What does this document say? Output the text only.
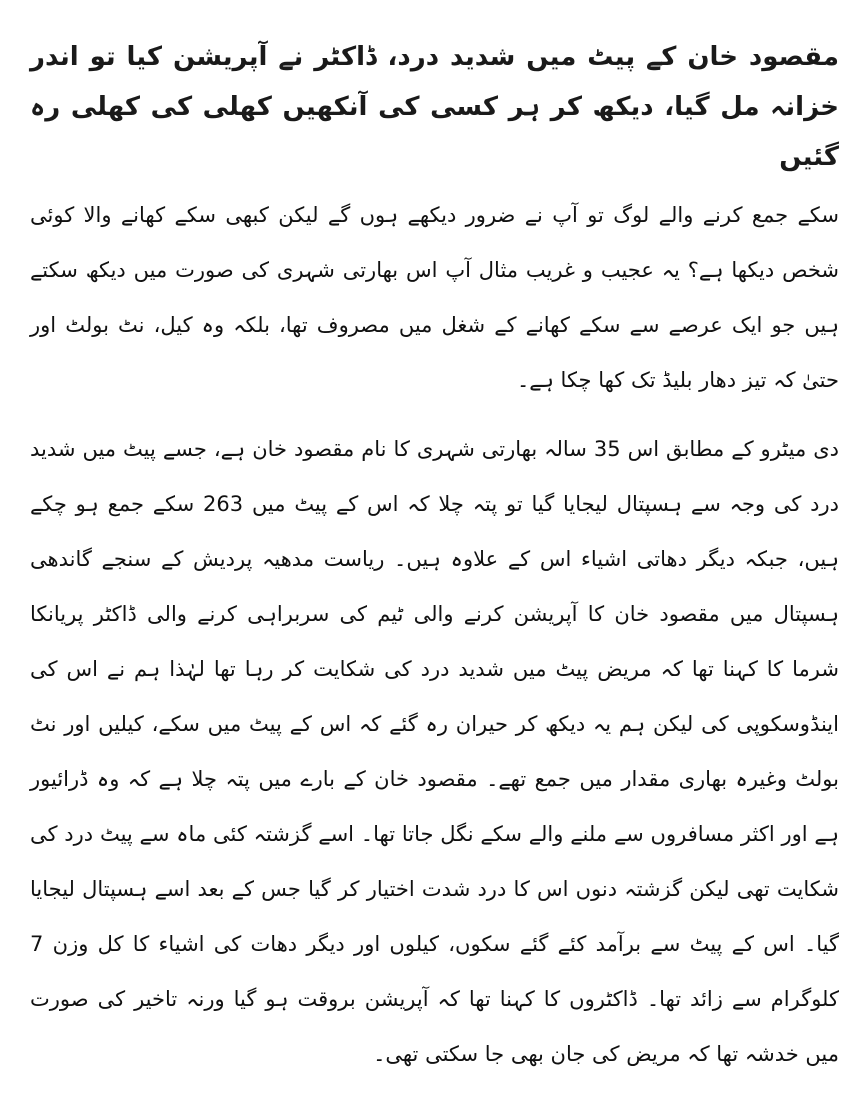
مقصود خان کے پیٹ میں شدید درد، ڈاکٹر نے آپریشن کیا تو اندر خزانہ مل گیا، دیکھ کر ہر کسی کی آنکھیں کھلی کی کھلی رہ گئیں

سکے جمع کرنے والے لوگ تو آپ نے ضرور دیکھے ہوں گے لیکن کبھی سکے کھانے والا کوئی شخص دیکھا ہے؟ یہ عجیب و غریب مثال آپ اس بھارتی شہری کی صورت میں دیکھ سکتے ہیں جو ایک عرصے سے سکے کھانے کے شغل میں مصروف تھا، بلکہ وہ کیل، نٹ بولٹ اور حتیٰ کہ تیز دھار بلیڈ تک کھا چکا ہے۔

دی میٹرو کے مطابق اس 35 سالہ بھارتی شہری کا نام مقصود خان ہے، جسے پیٹ میں شدید درد کی وجہ سے ہسپتال لیجایا گیا تو پتہ چلا کہ اس کے پیٹ میں 263 سکے جمع ہو چکے ہیں، جبکہ دیگر دھاتی اشیاء اس کے علاوہ ہیں۔ ریاست مدھیہ پردیش کے سنجے گاندھی ہسپتال میں مقصود خان کا آپریشن کرنے والی ٹیم کی سربراہی کرنے والی ڈاکٹر پریانکا شرما کا کہنا تھا کہ مریض پیٹ میں شدید درد کی شکایت کر رہا تھا لہٰذا ہم نے اس کی اینڈوسکوپی کی لیکن ہم یہ دیکھ کر حیران رہ گئے کہ اس کے پیٹ میں سکے، کیلیں اور نٹ بولٹ وغیرہ بھاری مقدار میں جمع تھے۔ مقصود خان کے بارے میں پتہ چلا ہے کہ وہ ڈرائیور ہے اور اکثر مسافروں سے ملنے والے سکے نگل جاتا تھا۔ اسے گزشتہ کئی ماہ سے پیٹ درد کی شکایت تھی لیکن گزشتہ دنوں اس کا درد شدت اختیار کر گیا جس کے بعد اسے ہسپتال لیجایا گیا۔ اس کے پیٹ سے برآمد کئے گئے سکوں، کیلوں اور دیگر دھات کی اشیاء کا کل وزن 7 کلوگرام سے زائد تھا۔ ڈاکٹروں کا کہنا تھا کہ آپریشن بروقت ہو گیا ورنہ تاخیر کی صورت میں خدشہ تھا کہ مریض کی جان بھی جا سکتی تھی۔
